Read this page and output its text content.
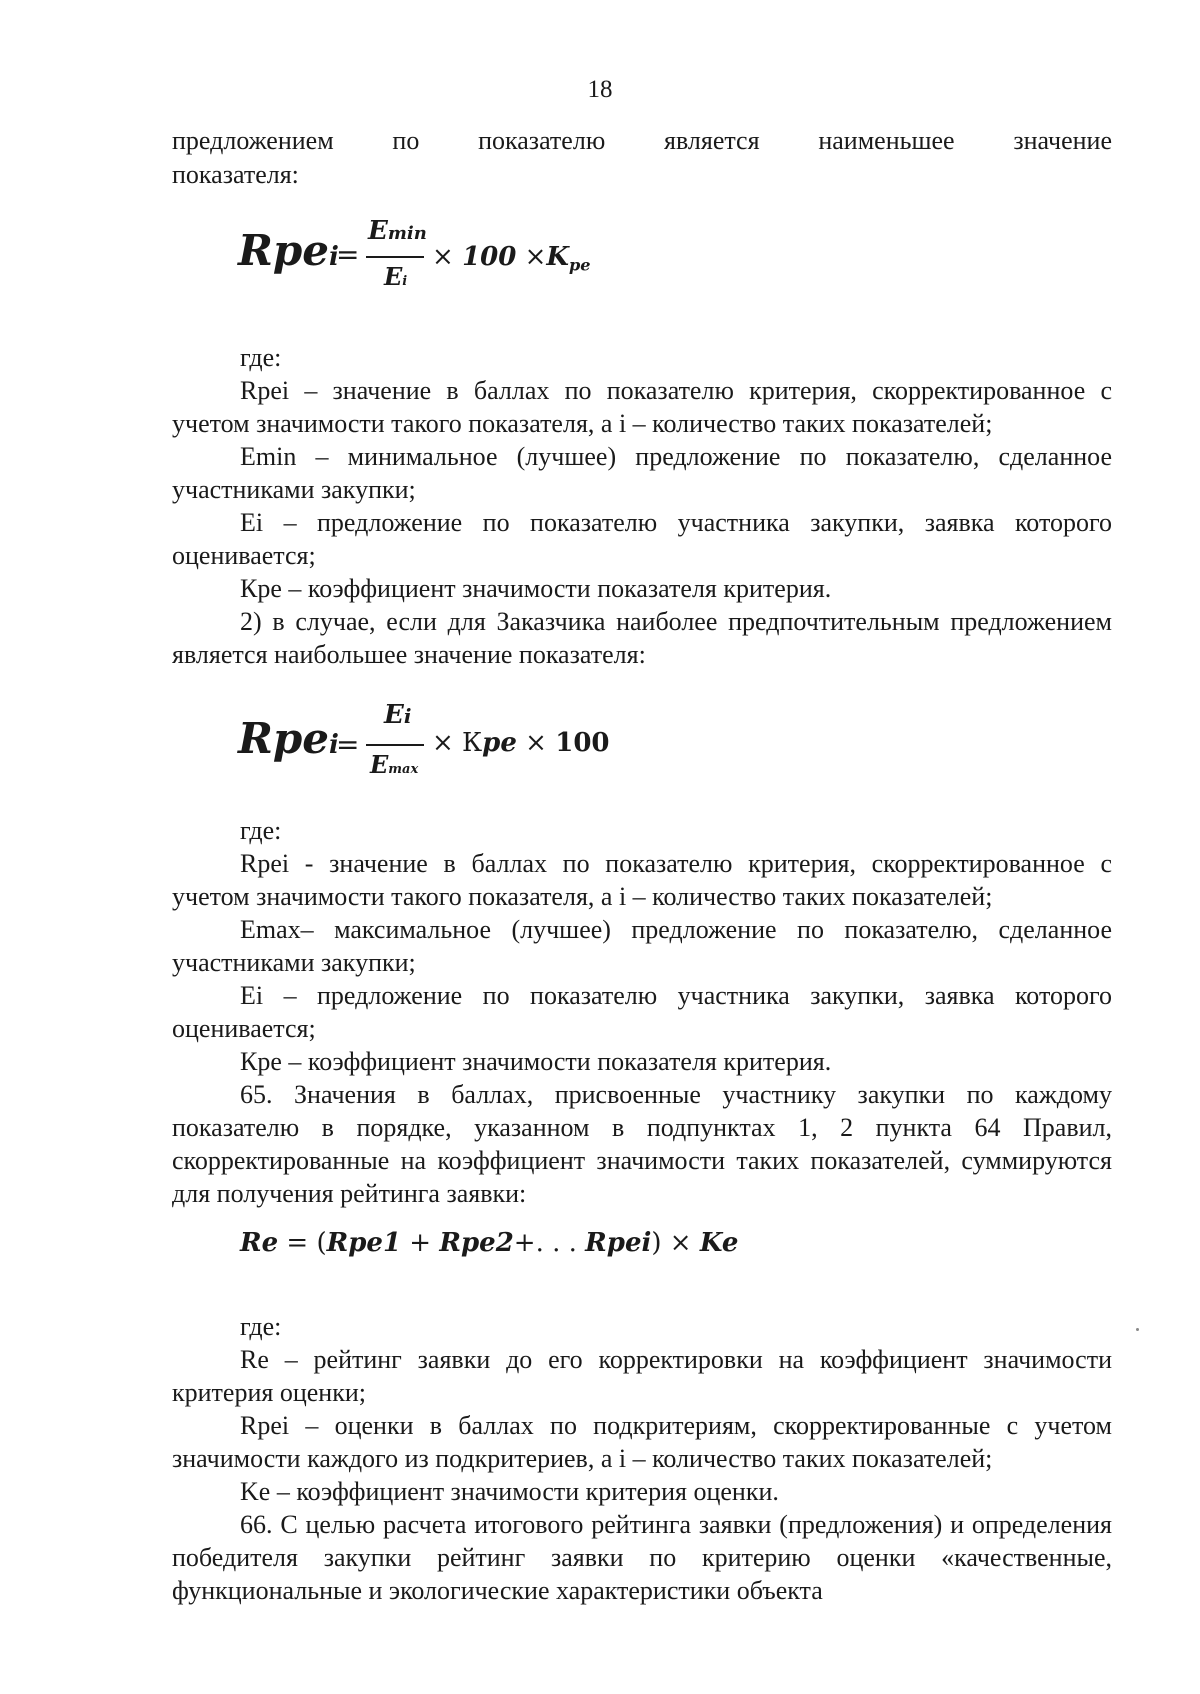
18
предложением по показателю является наименьшее значение
показателя:
Rpei
=
Emin
Ei
× $100 \times K_{pe}$
где:
Rpei – значение в баллах по показателю критерия, скорректированное с учетом значимости такого показателя, а i – количество таких показателей;
Emin – минимальное (лучшее) предложение по показателю, сделанное участниками закупки;
Ei – предложение по показателю участника закупки, заявка которого оценивается;
Кре – коэффициент значимости показателя критерия.
2) в случае, если для Заказчика наиболее предпочтительным предложением является наибольшее значение показателя:
Rpei
=
Ei
Emax
× Кpe × 100
где:
Rpei - значение в баллах по показателю критерия, скорректированное с учетом значимости такого показателя, а i – количество таких показателей;
Emax– максимальное (лучшее) предложение по показателю, сделанное участниками закупки;
Ei – предложение по показателю участника закупки, заявка которого оценивается;
Кре – коэффициент значимости показателя критерия.
65. Значения в баллах, присвоенные участнику закупки по каждому показателю в порядке, указанном в подпунктах 1, 2 пункта 64 Правил, скорректированные на коэффициент значимости таких показателей, суммируются для получения рейтинга заявки:
Re = (Rpe1 + Rpe2+. . . Rpei) × Ke
где:
Re – рейтинг заявки до его корректировки на коэффициент значимости критерия оценки;
Rpei – оценки в баллах по подкритериям, скорректированные с учетом значимости каждого из подкритериев, а i – количество таких показателей;
Ke – коэффициент значимости критерия оценки.
66. С целью расчета итогового рейтинга заявки (предложения) и определения победителя закупки рейтинг заявки по критерию оценки «качественные, функциональные и экологические характеристики объекта
